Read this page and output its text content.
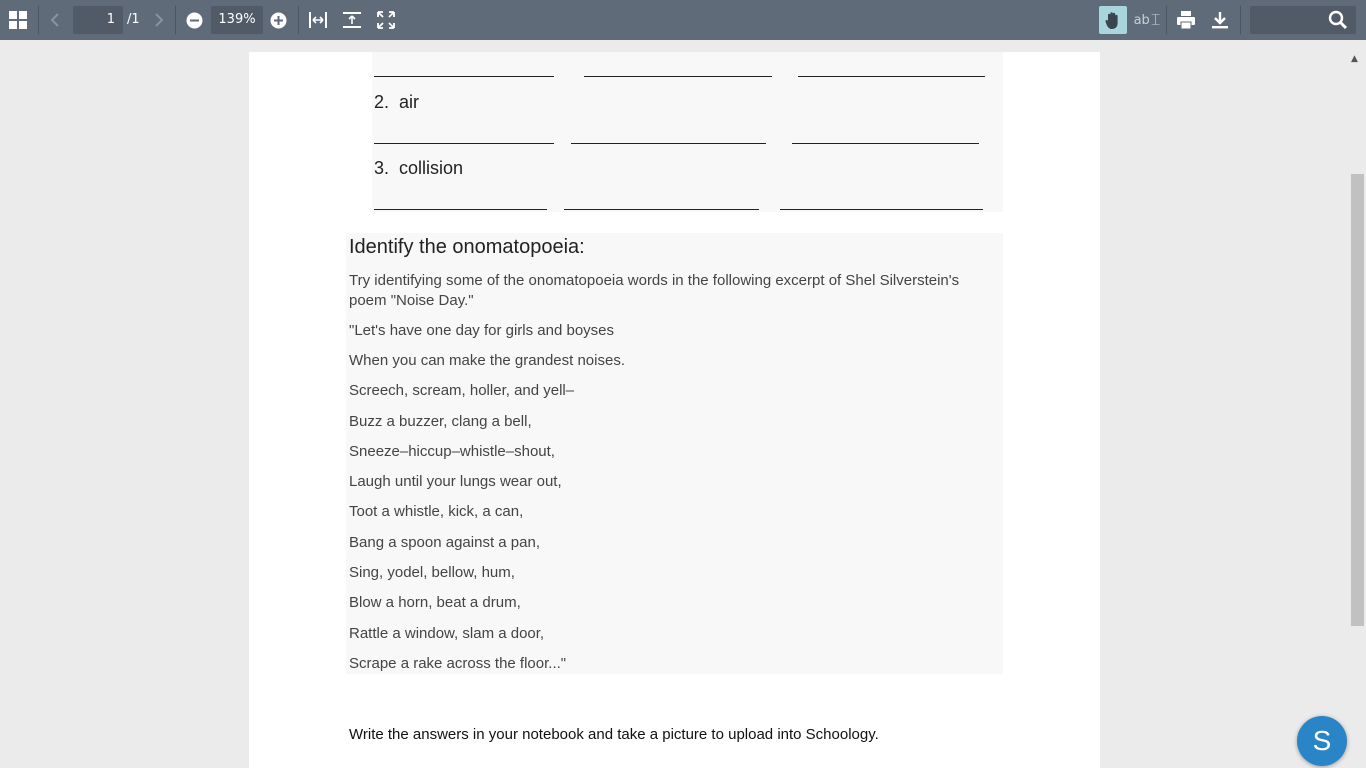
1 /1	139%	ab ⌶
2. air
3. collision
Identify the onomatopoeia:
Try identifying some of the onomatopoeia words in the following excerpt of Shel Silverstein's poem "Noise Day."
"Let's have one day for girls and boyses
When you can make the grandest noises.
Screech, scream, holler, and yell–
Buzz a buzzer, clang a bell,
Sneeze–hiccup–whistle–shout,
Laugh until your lungs wear out,
Toot a whistle, kick, a can,
Bang a spoon against a pan,
Sing, yodel, bellow, hum,
Blow a horn, beat a drum,
Rattle a window, slam a door,
Scrape a rake across the floor..."
Write the answers in your notebook and take a picture to upload into Schoology.
▲
S
